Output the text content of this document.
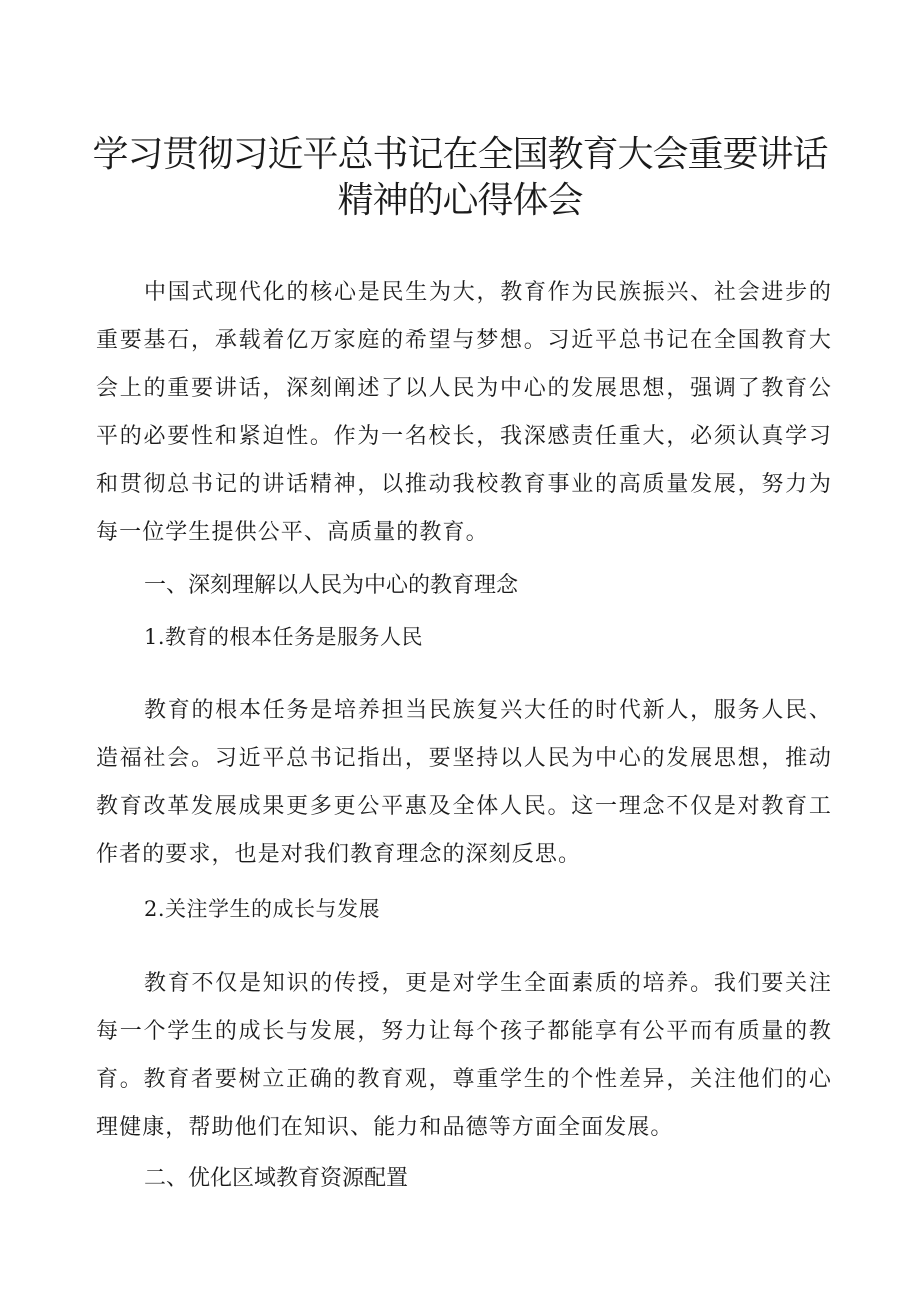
学习贯彻习近平总书记在全国教育大会重要讲话
精神的心得体会

中国式现代化的核心是民生为大，教育作为民族振兴、社会进步的重要基石，承载着亿万家庭的希望与梦想。习近平总书记在全国教育大会上的重要讲话，深刻阐述了以人民为中心的发展思想，强调了教育公平的必要性和紧迫性。作为一名校长，我深感责任重大，必须认真学习和贯彻总书记的讲话精神，以推动我校教育事业的高质量发展，努力为每一位学生提供公平、高质量的教育。

一、深刻理解以人民为中心的教育理念

1.教育的根本任务是服务人民

教育的根本任务是培养担当民族复兴大任的时代新人，服务人民、造福社会。习近平总书记指出，要坚持以人民为中心的发展思想，推动教育改革发展成果更多更公平惠及全体人民。这一理念不仅是对教育工作者的要求，也是对我们教育理念的深刻反思。

2.关注学生的成长与发展

教育不仅是知识的传授，更是对学生全面素质的培养。我们要关注每一个学生的成长与发展，努力让每个孩子都能享有公平而有质量的教育。教育者要树立正确的教育观，尊重学生的个性差异，关注他们的心理健康，帮助他们在知识、能力和品德等方面全面发展。

二、优化区域教育资源配置
